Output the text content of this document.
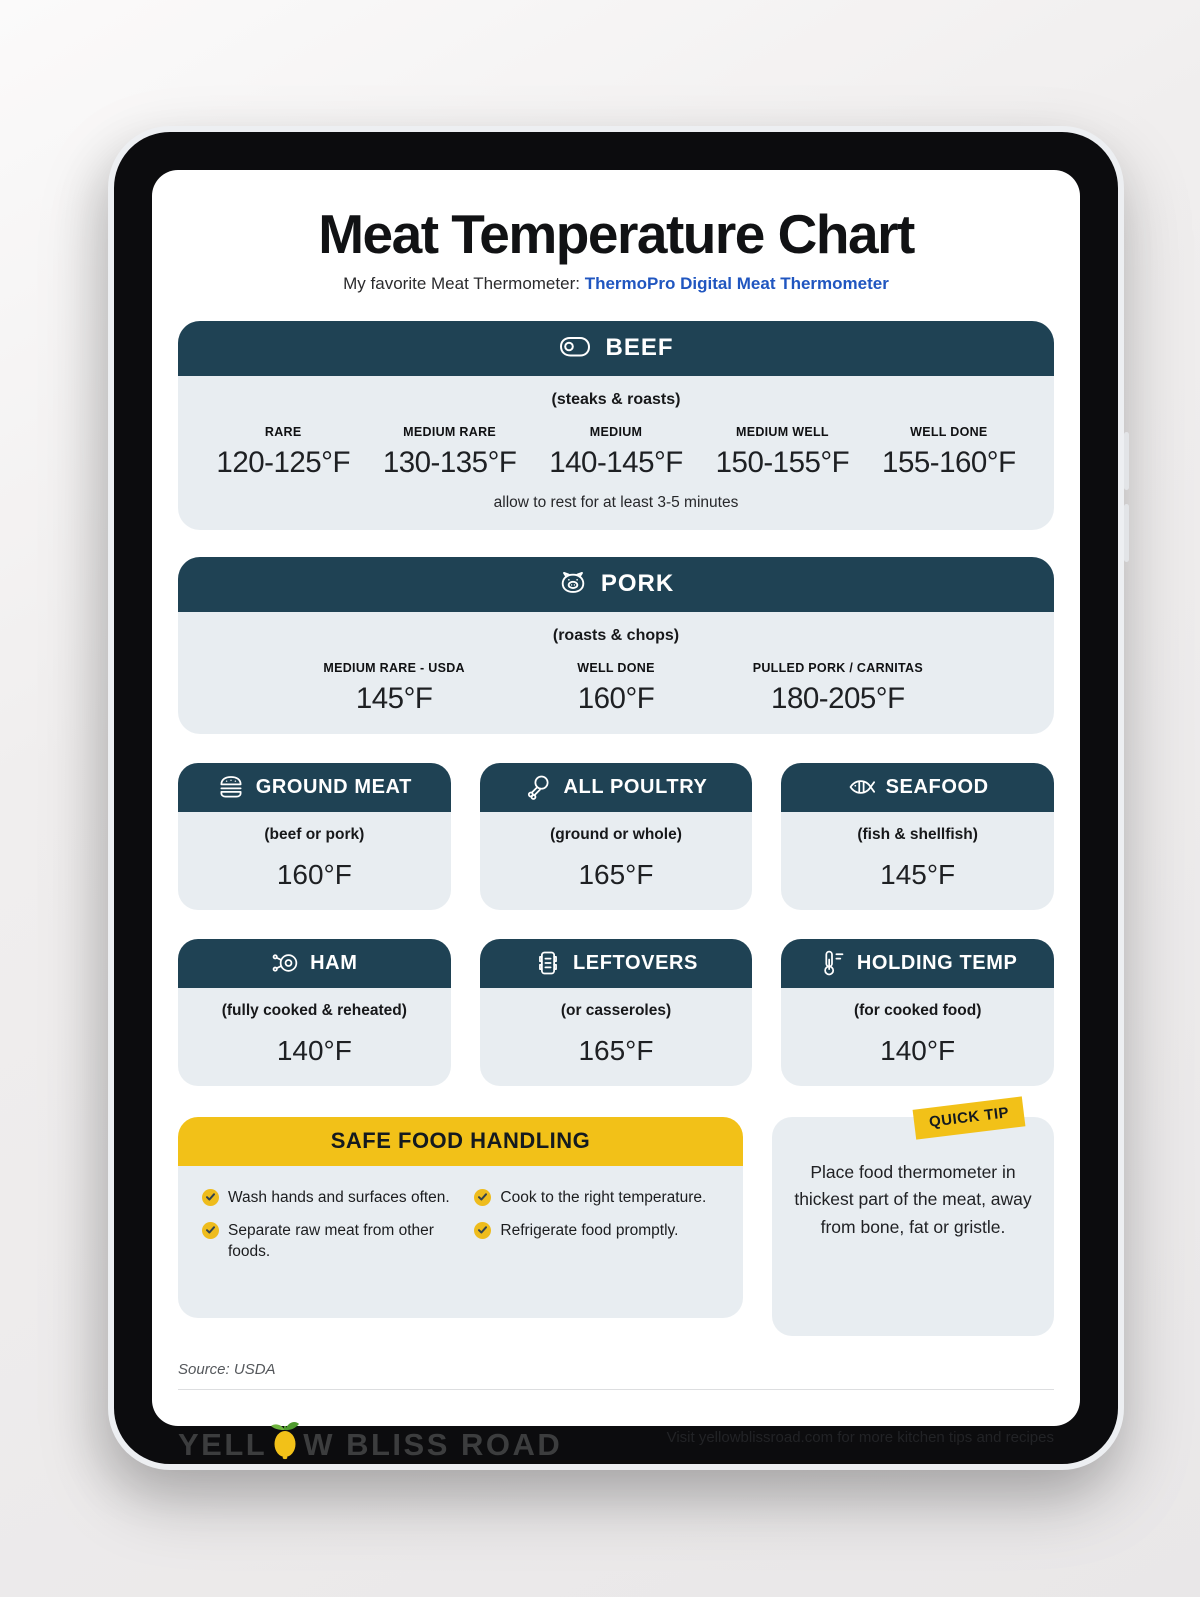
Meat Temperature Chart
My favorite Meat Thermometer: ThermoPro Digital Meat Thermometer
BEEF
(steaks & roasts)
RARE
120-125°F
MEDIUM RARE
130-135°F
MEDIUM
140-145°F
MEDIUM WELL
150-155°F
WELL DONE
155-160°F
allow to rest for at least 3-5 minutes
PORK
(roasts & chops)
MEDIUM RARE - USDA
145°F
WELL DONE
160°F
PULLED PORK / CARNITAS
180-205°F
GROUND MEAT
(beef or pork)
160°F
ALL POULTRY
(ground or whole)
165°F
SEAFOOD
(fish & shellfish)
145°F
HAM
(fully cooked & reheated)
140°F
LEFTOVERS
(or casseroles)
165°F
HOLDING TEMP
(for cooked food)
140°F
SAFE FOOD HANDLING
Wash hands and surfaces often.	Cook to the right temperature.
Separate raw meat from other foods.
Refrigerate food promptly.
QUICK TIP
Place food thermometer in thickest part of the meat, away from bone, fat or gristle.
Source: USDA
YELL W BLISS ROAD	Visit yellowblissroad.com for more kitchen tips and recipes
